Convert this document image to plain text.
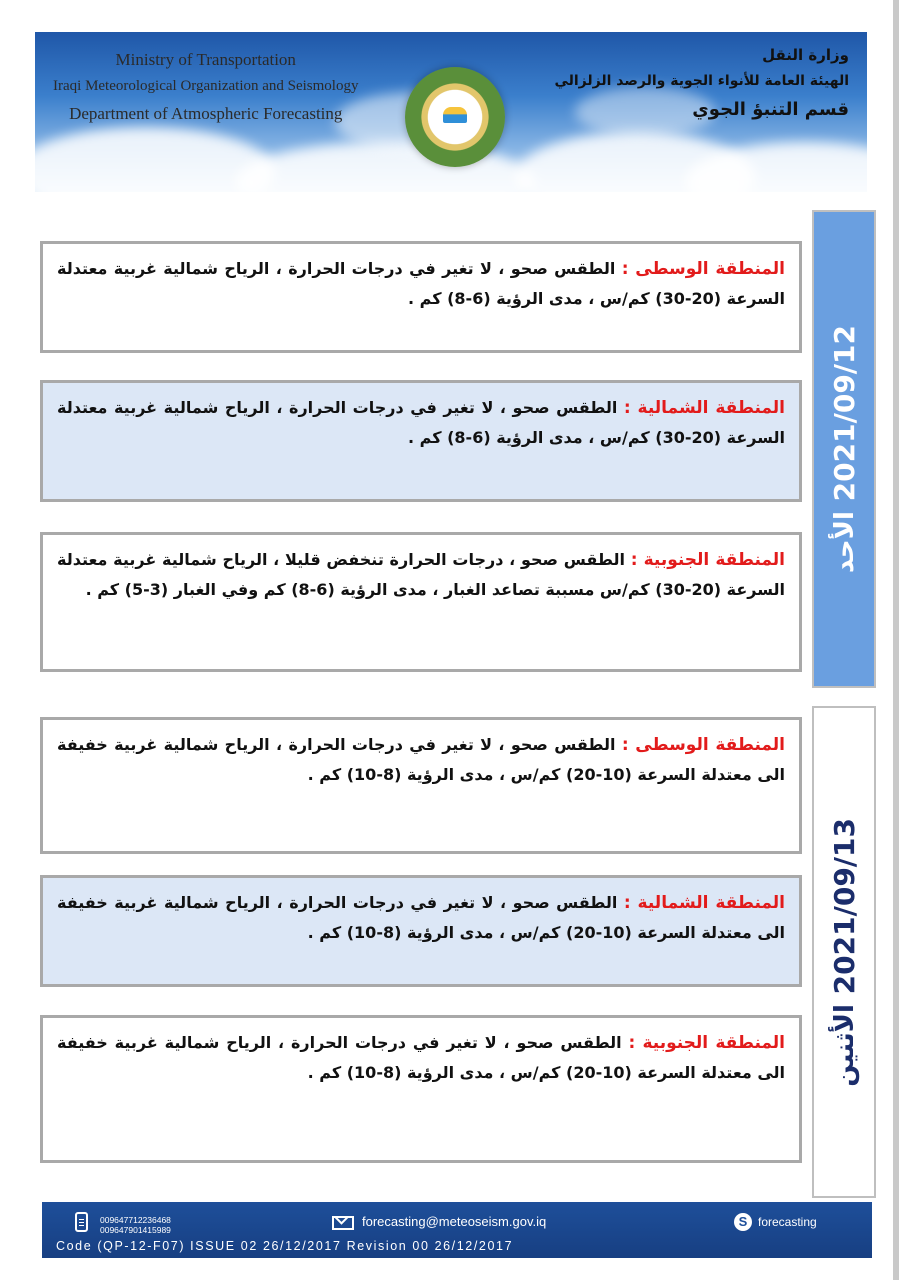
Ministry of Transportation
Iraqi Meteorological Organization and Seismology
Department of Atmospheric Forecasting
وزارة النقل
الهيئة العامة للأنواء الجوية والرصد الزلزالي
قسم التنبؤ الجوي
2021/09/12 الأحد
المنطقة الوسطى : الطقس صحو ، لا تغير في درجات الحرارة ، الرياح شمالية غربية معتدلة السرعة (20-30) كم/س ، مدى الرؤية (6-8) كم .
المنطقة الشمالية : الطقس صحو ، لا تغير في درجات الحرارة ، الرياح شمالية غربية معتدلة السرعة (20-30) كم/س ، مدى الرؤية (6-8) كم .
المنطقة الجنوبية : الطقس صحو ، درجات الحرارة تنخفض قليلا ، الرياح شمالية غربية معتدلة السرعة (20-30) كم/س مسببة تصاعد الغبار ، مدى الرؤية (6-8) كم وفي الغبار (3-5) كم .
2021/09/13 الأثنين
المنطقة الوسطى : الطقس صحو ، لا تغير في درجات الحرارة ، الرياح شمالية غربية خفيفة الى معتدلة السرعة (10-20) كم/س ، مدى الرؤية (8-10) كم .
المنطقة الشمالية : الطقس صحو ، لا تغير في درجات الحرارة ، الرياح شمالية غربية خفيفة الى معتدلة السرعة (10-20) كم/س ، مدى الرؤية (8-10) كم .
المنطقة الجنوبية : الطقس صحو ، لا تغير في درجات الحرارة ، الرياح شمالية غربية خفيفة الى معتدلة السرعة (10-20) كم/س ، مدى الرؤية (8-10) كم .
009647712236468
009647901415989
forecasting@meteoseism.gov.iq	S forecasting
Code (QP-12-F07) ISSUE 02 26/12/2017 Revision 00 26/12/2017
